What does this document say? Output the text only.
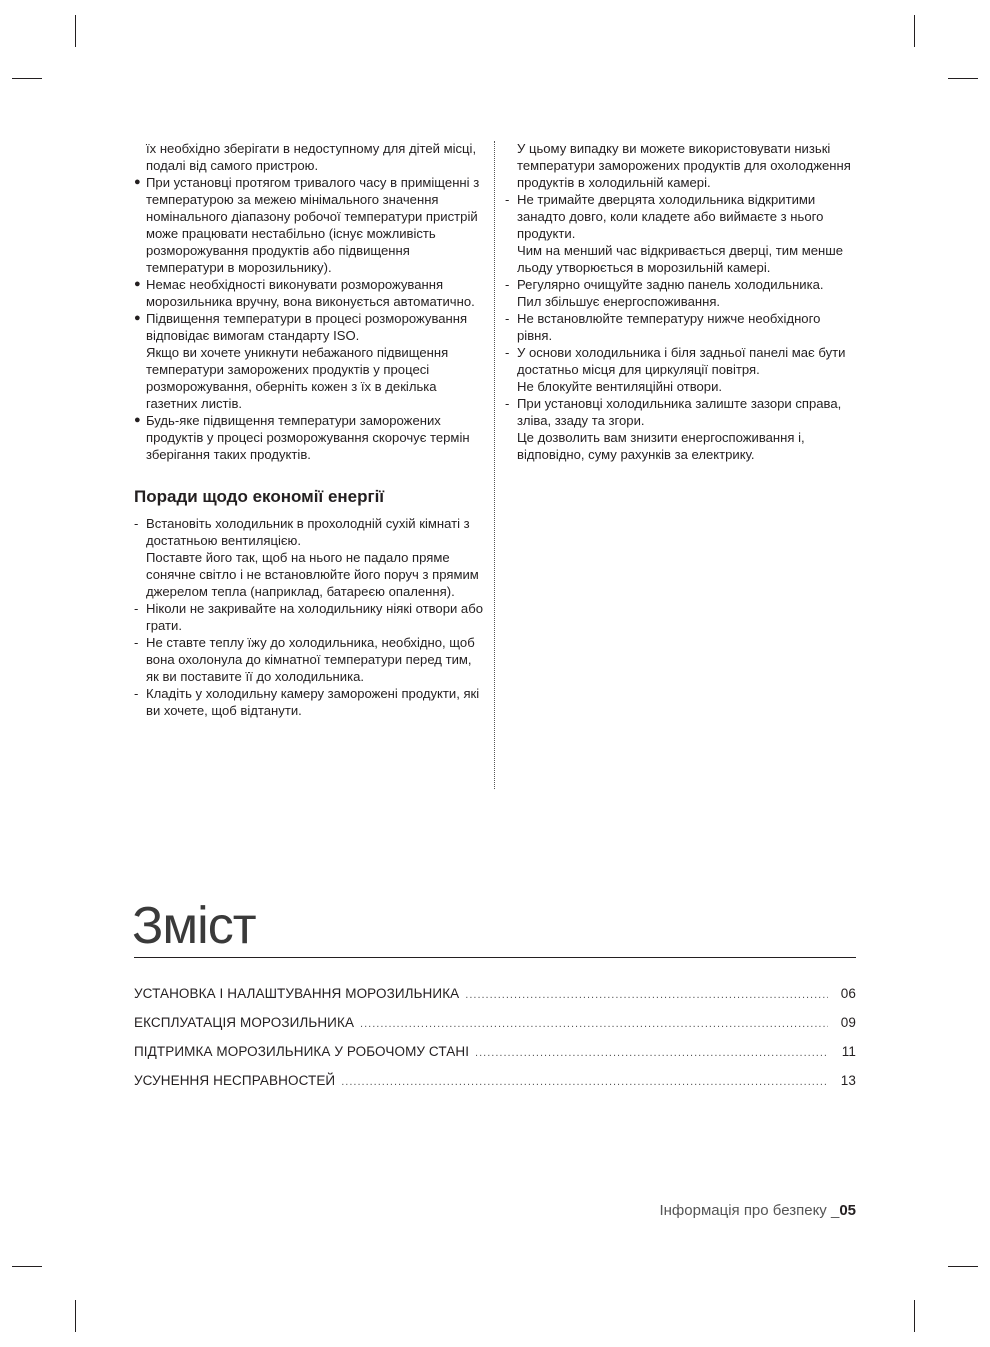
їх необхідно зберігати в недоступному для дітей місці, подалі від самого пристрою.
● При установці протягом тривалого часу в приміщенні з температурою за межею мінімального значення номінального діапазону робочої температури пристрій може працювати нестабільно (існує можливість розморожування продуктів або підвищення температури в морозильнику).
● Немає необхідності виконувати розморожування морозильника вручну, вона виконується автоматично.
● Підвищення температури в процесі розморожування відповідає вимогам стандарту ISO.
Якщо ви хочете уникнути небажаного підвищення температури заморожених продуктів у процесі розморожування, оберніть кожен з їх в декілька газетних листів.
● Будь-яке підвищення температури заморожених продуктів у процесі розморожування скорочує термін зберігання таких продуктів.
Поради щодо економії енергії
- Встановіть холодильник в прохолодній сухій кімнаті з достатньою вентиляцією.
Поставте його так, щоб на нього не падало пряме сонячне світло і не встановлюйте його поруч з прямим джерелом тепла (наприклад, батареєю опалення).
- Ніколи не закривайте на холодильнику ніякі отвори або грати.
- Не ставте теплу їжу до холодильника, необхідно, щоб вона охолонула до кімнатної температури перед тим, як ви поставите її до холодильника.
- Кладіть у холодильну камеру заморожені продукти, які ви хочете, щоб відтанути.
У цьому випадку ви можете використовувати низькі температури заморожених продуктів для охолодження продуктів в холодильній камері.
- Не тримайте дверцята холодильника відкритими занадто довго, коли кладете або виймаєте з нього продукти.
Чим на менший час відкривається дверці, тим менше льоду утворюється в морозильній камері.
- Регулярно очищуйте задню панель холодильника.
Пил збільшує енергоспоживання.
- Не встановлюйте температуру нижче необхідного рівня.
- У основи холодильника і біля задньої панелі має бути достатньо місця для циркуляції повітря.
Не блокуйте вентиляційні отвори.
- При установці холодильника залиште зазори справа, зліва, ззаду та згори.
Це дозволить вам знизити енергоспоживання і, відповідно, суму рахунків за електрику.
Зміст
УСТАНОВКА І НАЛАШТУВАННЯ МОРОЗИЛЬНИКА .....	06
ЕКСПЛУАТАЦІЯ МОРОЗИЛЬНИКА .....	09
ПІДТРИМКА МОРОЗИЛЬНИКА У РОБОЧОМУ СТАНІ .....	11
УСУНЕННЯ НЕСПРАВНОСТЕЙ .....	13
Інформація про безпеку _05
